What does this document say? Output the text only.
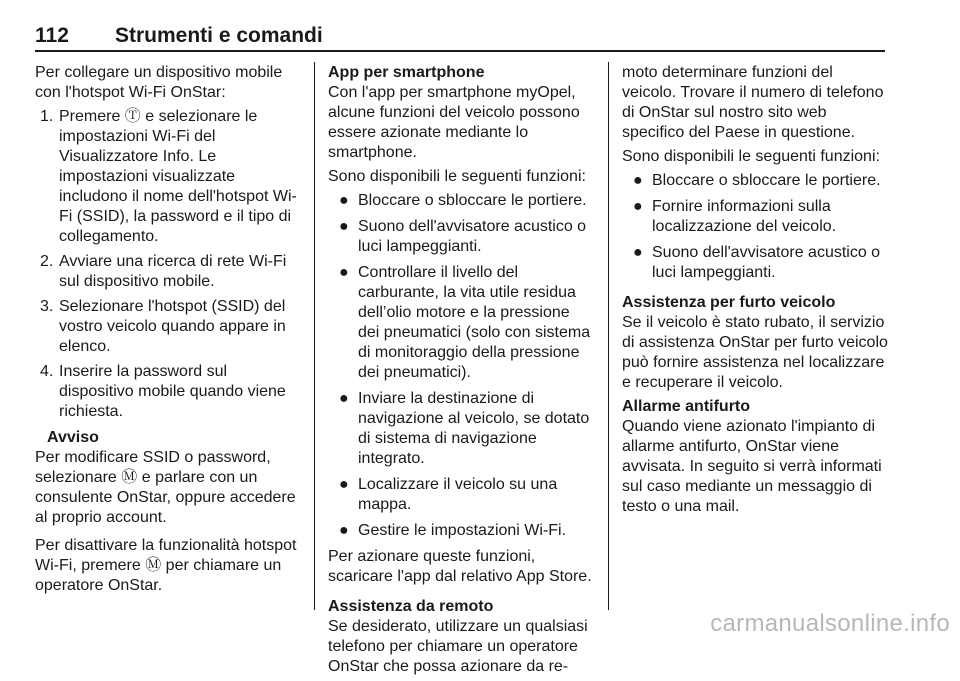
112 Strumenti e comandi

Per collegare un dispositivo mobile con l'hotspot Wi-Fi OnStar:

1. Premere Ⓣ e selezionare le impostazioni Wi-Fi del Visualizzatore Info. Le impostazioni visualizzate includono il nome dell'hotspot Wi-Fi (SSID), la password e il tipo di collegamento.
2. Avviare una ricerca di rete Wi-Fi sul dispositivo mobile.
3. Selezionare l'hotspot (SSID) del vostro veicolo quando appare in elenco.
4. Inserire la password sul dispositivo mobile quando viene richiesta.
Avviso
Per modificare SSID o password, selezionare Ⓜ e parlare con un consulente OnStar, oppure accedere al proprio account.

Per disattivare la funzionalità hotspot Wi-Fi, premere Ⓜ per chiamare un operatore OnStar.

App per smartphone

Con l'app per smartphone myOpel, alcune funzioni del veicolo possono essere azionate mediante lo smartphone.

Sono disponibili le seguenti funzioni:

● Bloccare o sbloccare le portiere.
● Suono dell'avvisatore acustico o luci lampeggianti.
● Controllare il livello del carburante, la vita utile residua dell’olio motore e la pressione dei pneumatici (solo con sistema di monitoraggio della pressione dei pneumatici).
● Inviare la destinazione di navigazione al veicolo, se dotato di sistema di navigazione integrato.
● Localizzare il veicolo su una mappa.
● Gestire le impostazioni Wi-Fi.

Per azionare queste funzioni, scaricare l'app dal relativo App Store.

Assistenza da remoto

Se desiderato, utilizzare un qualsiasi telefono per chiamare un operatore OnStar che possa azionare da re-

moto determinare funzioni del veicolo. Trovare il numero di telefono di OnStar sul nostro sito web specifico del Paese in questione.

Sono disponibili le seguenti funzioni:

● Bloccare o sbloccare le portiere.
● Fornire informazioni sulla localizzazione del veicolo.
● Suono dell'avvisatore acustico o luci lampeggianti.

Assistenza per furto veicolo

Se il veicolo è stato rubato, il servizio di assistenza OnStar per furto veicolo può fornire assistenza nel localizzare e recuperare il veicolo.

Allarme antifurto

Quando viene azionato l'impianto di allarme antifurto, OnStar viene avvisata. In seguito si verrà informati sul caso mediante un messaggio di testo o una mail.

carmanualsonline.info
